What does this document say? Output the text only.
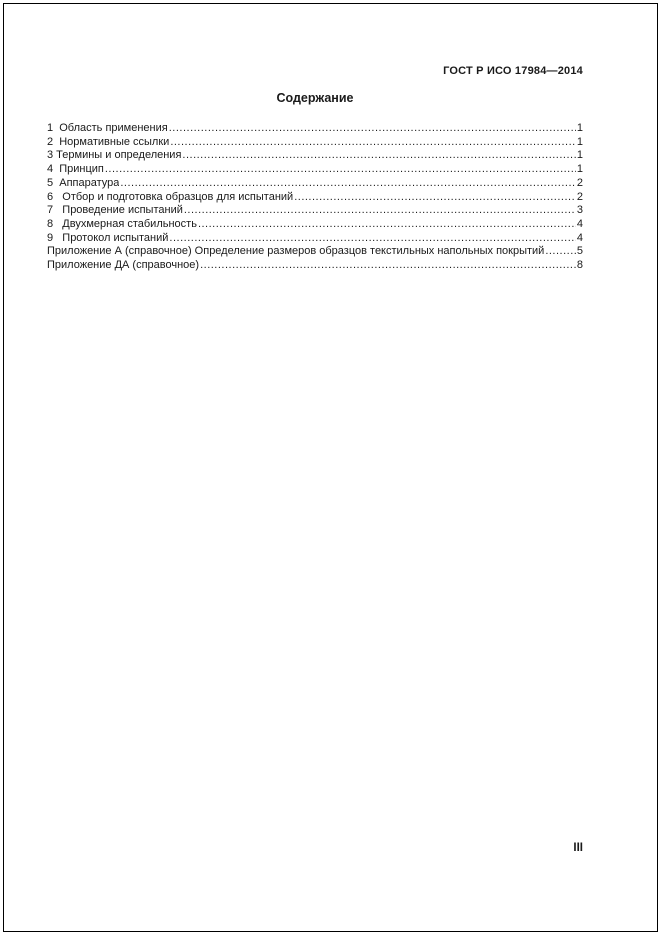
ГОСТ Р ИСО 17984—2014
Содержание
1  Область применения .....	1
2  Нормативные ссылки .....	1
3 Термины и определения .....	1
4  Принцип .....	1
5  Аппаратура .....	2
6   Отбор и подготовка образцов для испытаний .....	2
7   Проведение испытаний .....	3
8   Двухмерная стабильность .....	4
9   Протокол испытаний .....	4
Приложение А (справочное) Определение размеров образцов текстильных напольных покрытий .....	5
Приложение ДА (справочное) .....	8
III
